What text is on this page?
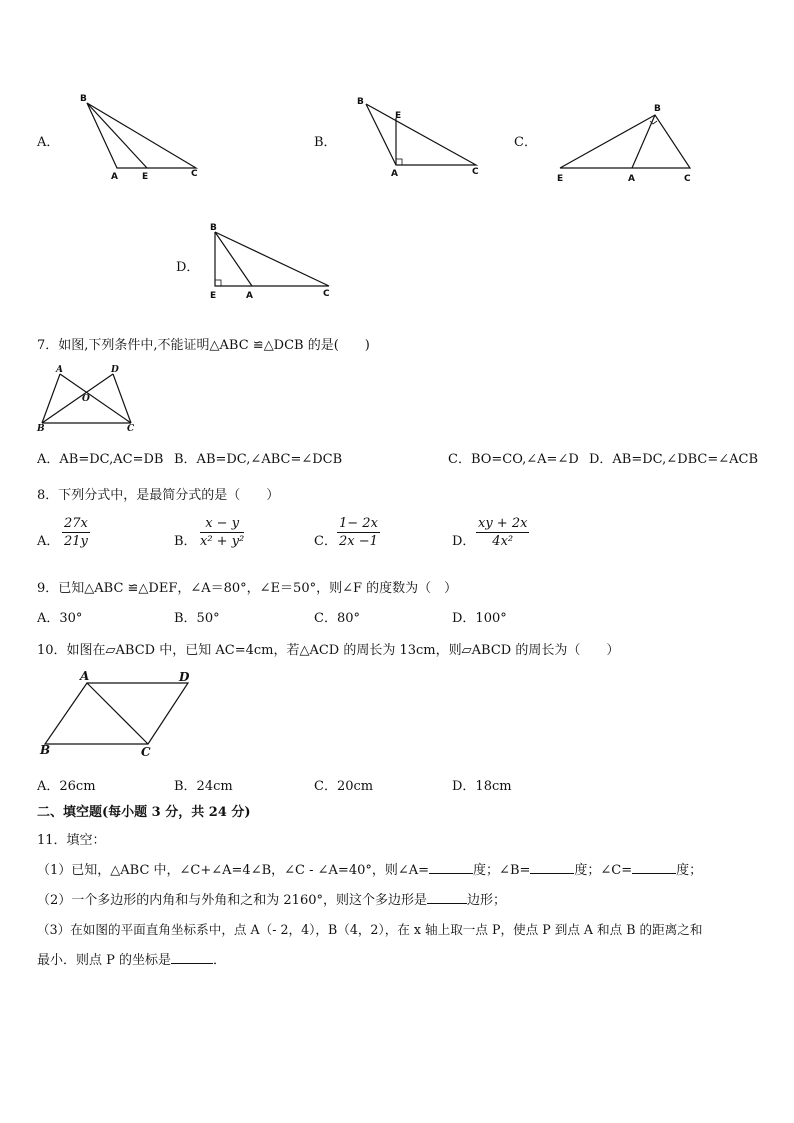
A．
B
A	E	C
B．
B
E
A	C
C．
B
E	A	C
D．
B
E	A	C
7．如图,下列条件中,不能证明△ABC ≌△DCB 的是(　　)
A	D
O
B	C
A．AB=DC,AC=DB B．AB=DC,∠ABC=∠DCB	C．BO=CO,∠A=∠D D．AB=DC,∠DBC=∠ACB
8．下列分式中，是最简分式的是（　　）
A． $\frac{27x}{21y}$	B． $\frac{x - y}{\text{x² + y²}}$	C． $\frac{1- 2x}{2x -1}$	D． $\frac{xy + 2x}{\text{4x²}}$
9．已知△ABC ≌△DEF，∠A＝80°，∠E＝50°，则∠F 的度数为（　）
A．30°	B．50°	C．80°	D．100°
10．如图在▱ABCD 中，已知 AC=4cm，若△ACD 的周长为 13cm，则▱ABCD 的周长为（　　）
A	D
B	C
A．26cm	B．24cm	C．20cm	D．18cm
二、填空题(每小题 3 分，共 24 分)
11．填空：
（1）已知，△ABC 中，∠C+∠A=4∠B，∠C - ∠A=40°，则∠A=	度；∠B=	度；∠C=	度；
（2）一个多边形的内角和与外角和之和为 2160°，则这个多边形是	边形；
（3）在如图的平面直角坐标系中，点 A（- 2，4），B（4，2），在 x 轴上取一点 P，使点 P 到点 A 和点 B 的距离之和
最小．则点 P 的坐标是	．
